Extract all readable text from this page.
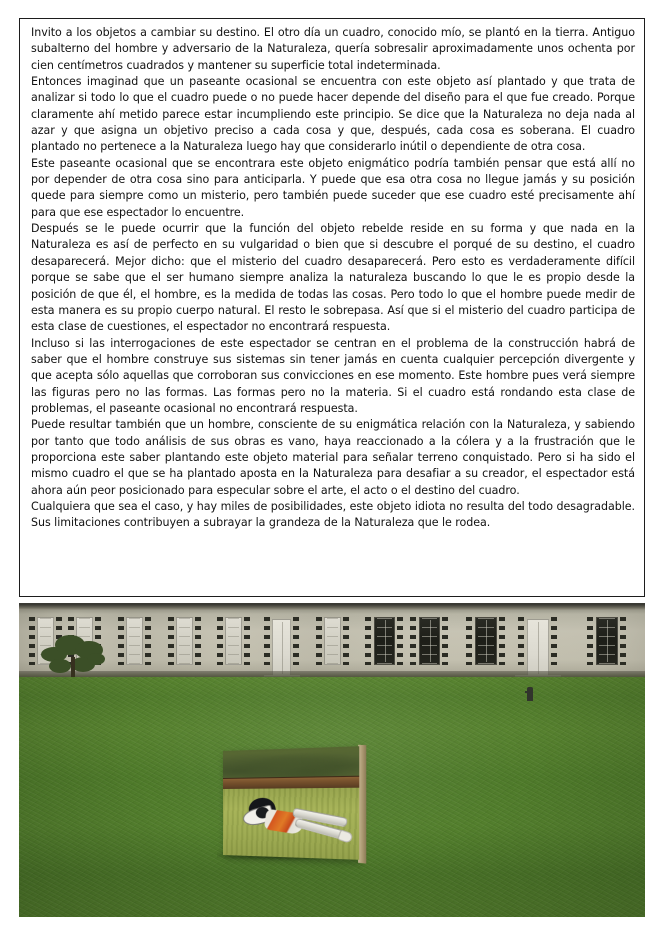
Invito a los objetos a cambiar su destino. El otro día un cuadro, conocido mío, se plantó en la tierra. Antiguo subalterno del hombre y adversario de la Naturaleza, quería sobresalir aproximadamente unos ochenta por cien centímetros cuadrados y mantener su superficie total indeterminada.

Entonces imaginad que un paseante ocasional se encuentra con este objeto así plantado y que trata de analizar si todo lo que el cuadro puede o no puede hacer depende del diseño para el que fue creado. Porque claramente ahí metido parece estar incumpliendo este principio. Se dice que la Naturaleza no deja nada al azar y que asigna un objetivo preciso a cada cosa y que, después, cada cosa es soberana. El cuadro plantado no pertenece a la Naturaleza luego hay que considerarlo inútil o dependiente de otra cosa.

Este paseante ocasional que se encontrara este objeto enigmático podría también pensar que está allí no por depender de otra cosa sino para anticiparla. Y puede que esa otra cosa no llegue jamás y su posición quede para siempre como un misterio, pero también puede suceder que ese cuadro esté precisamente ahí para que ese espectador lo encuentre.

Después se le puede ocurrir que la función del objeto rebelde reside en su forma y que nada en la Naturaleza es así de perfecto en su vulgaridad o bien que si descubre el porqué de su destino, el cuadro desaparecerá. Mejor dicho: que el misterio del cuadro desaparecerá. Pero esto es verdaderamente difícil porque se sabe que el ser humano siempre analiza la naturaleza buscando lo que le es propio desde la posición de que él, el hombre, es la medida de todas las cosas. Pero todo lo que el hombre puede medir de esta manera es su propio cuerpo natural. El resto le sobrepasa. Así que si el misterio del cuadro participa de esta clase de cuestiones, el espectador no encontrará respuesta.

Incluso si las interrogaciones de este espectador se centran en el problema de la construcción habrá de saber que el hombre construye sus sistemas sin tener jamás en cuenta cualquier percepción divergente y que acepta sólo aquellas que corroboran sus convicciones en ese momento. Este hombre pues verá siempre las figuras pero no las formas. Las formas pero no la materia. Si el cuadro está rondando esta clase de problemas, el paseante ocasional no encontrará respuesta.

Puede resultar también que un hombre, consciente de su enigmática relación con la Naturaleza, y sabiendo por tanto que todo análisis de sus obras es vano, haya reaccionado a la cólera y a la frustración que le proporciona este saber plantando este objeto material para señalar terreno conquistado. Pero si ha sido el mismo cuadro el que se ha plantado aposta en la Naturaleza para desafiar a su creador, el espectador está ahora aún peor posicionado para especular sobre el arte, el acto o el destino del cuadro.

Cualquiera que sea el caso, y hay miles de posibilidades, este objeto idiota no resulta del todo desagradable. Sus limitaciones contribuyen a subrayar la grandeza de la Naturaleza que le rodea.
